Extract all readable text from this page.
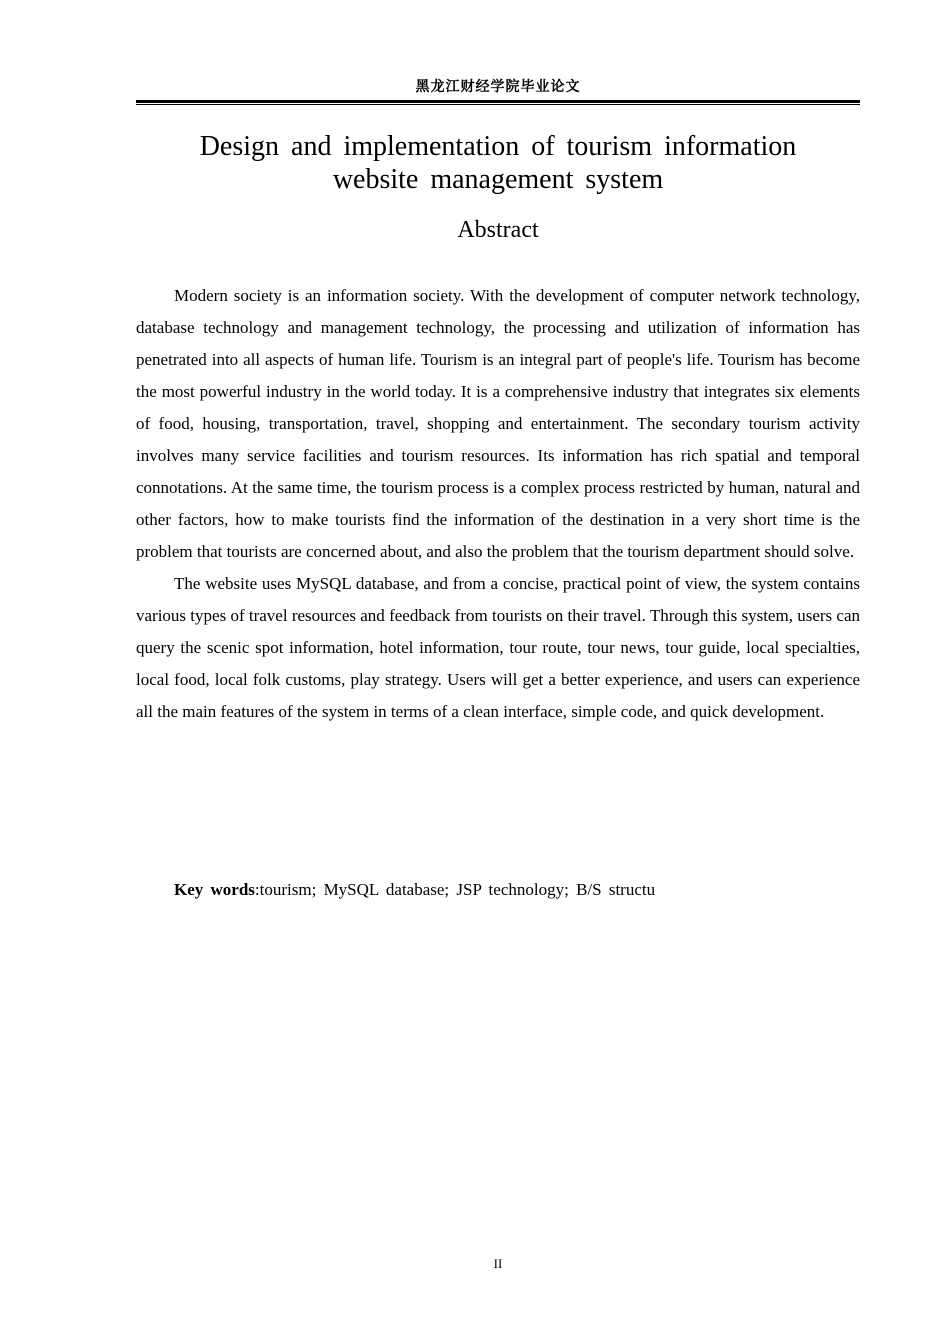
黑龙江财经学院毕业论文
Design and implementation of tourism information
website management system
Abstract

Modern society is an information society. With the development of computer network technology, database technology and management technology, the processing and utilization of information has penetrated into all aspects of human life. Tourism is an integral part of people's life. Tourism has become the most powerful industry in the world today. It is a comprehensive industry that integrates six elements of food, housing, transportation, travel, shopping and entertainment. The secondary tourism activity involves many service facilities and tourism resources. Its information has rich spatial and temporal connotations. At the same time, the tourism process is a complex process restricted by human, natural and other factors, how to make tourists find the information of the destination in a very short time is the problem that tourists are concerned about, and also the problem that the tourism department should solve.

The website uses MySQL database, and from a concise, practical point of view, the system contains various types of travel resources and feedback from tourists on their travel. Through this system, users can query the scenic spot information, hotel information, tour route, tour news, tour guide, local specialties, local food, local folk customs, play strategy. Users will get a better experience, and users can experience all the main features of the system in terms of a clean interface, simple code, and quick development.

Key words:tourism; MySQL database; JSP technology; B/S structu
II
